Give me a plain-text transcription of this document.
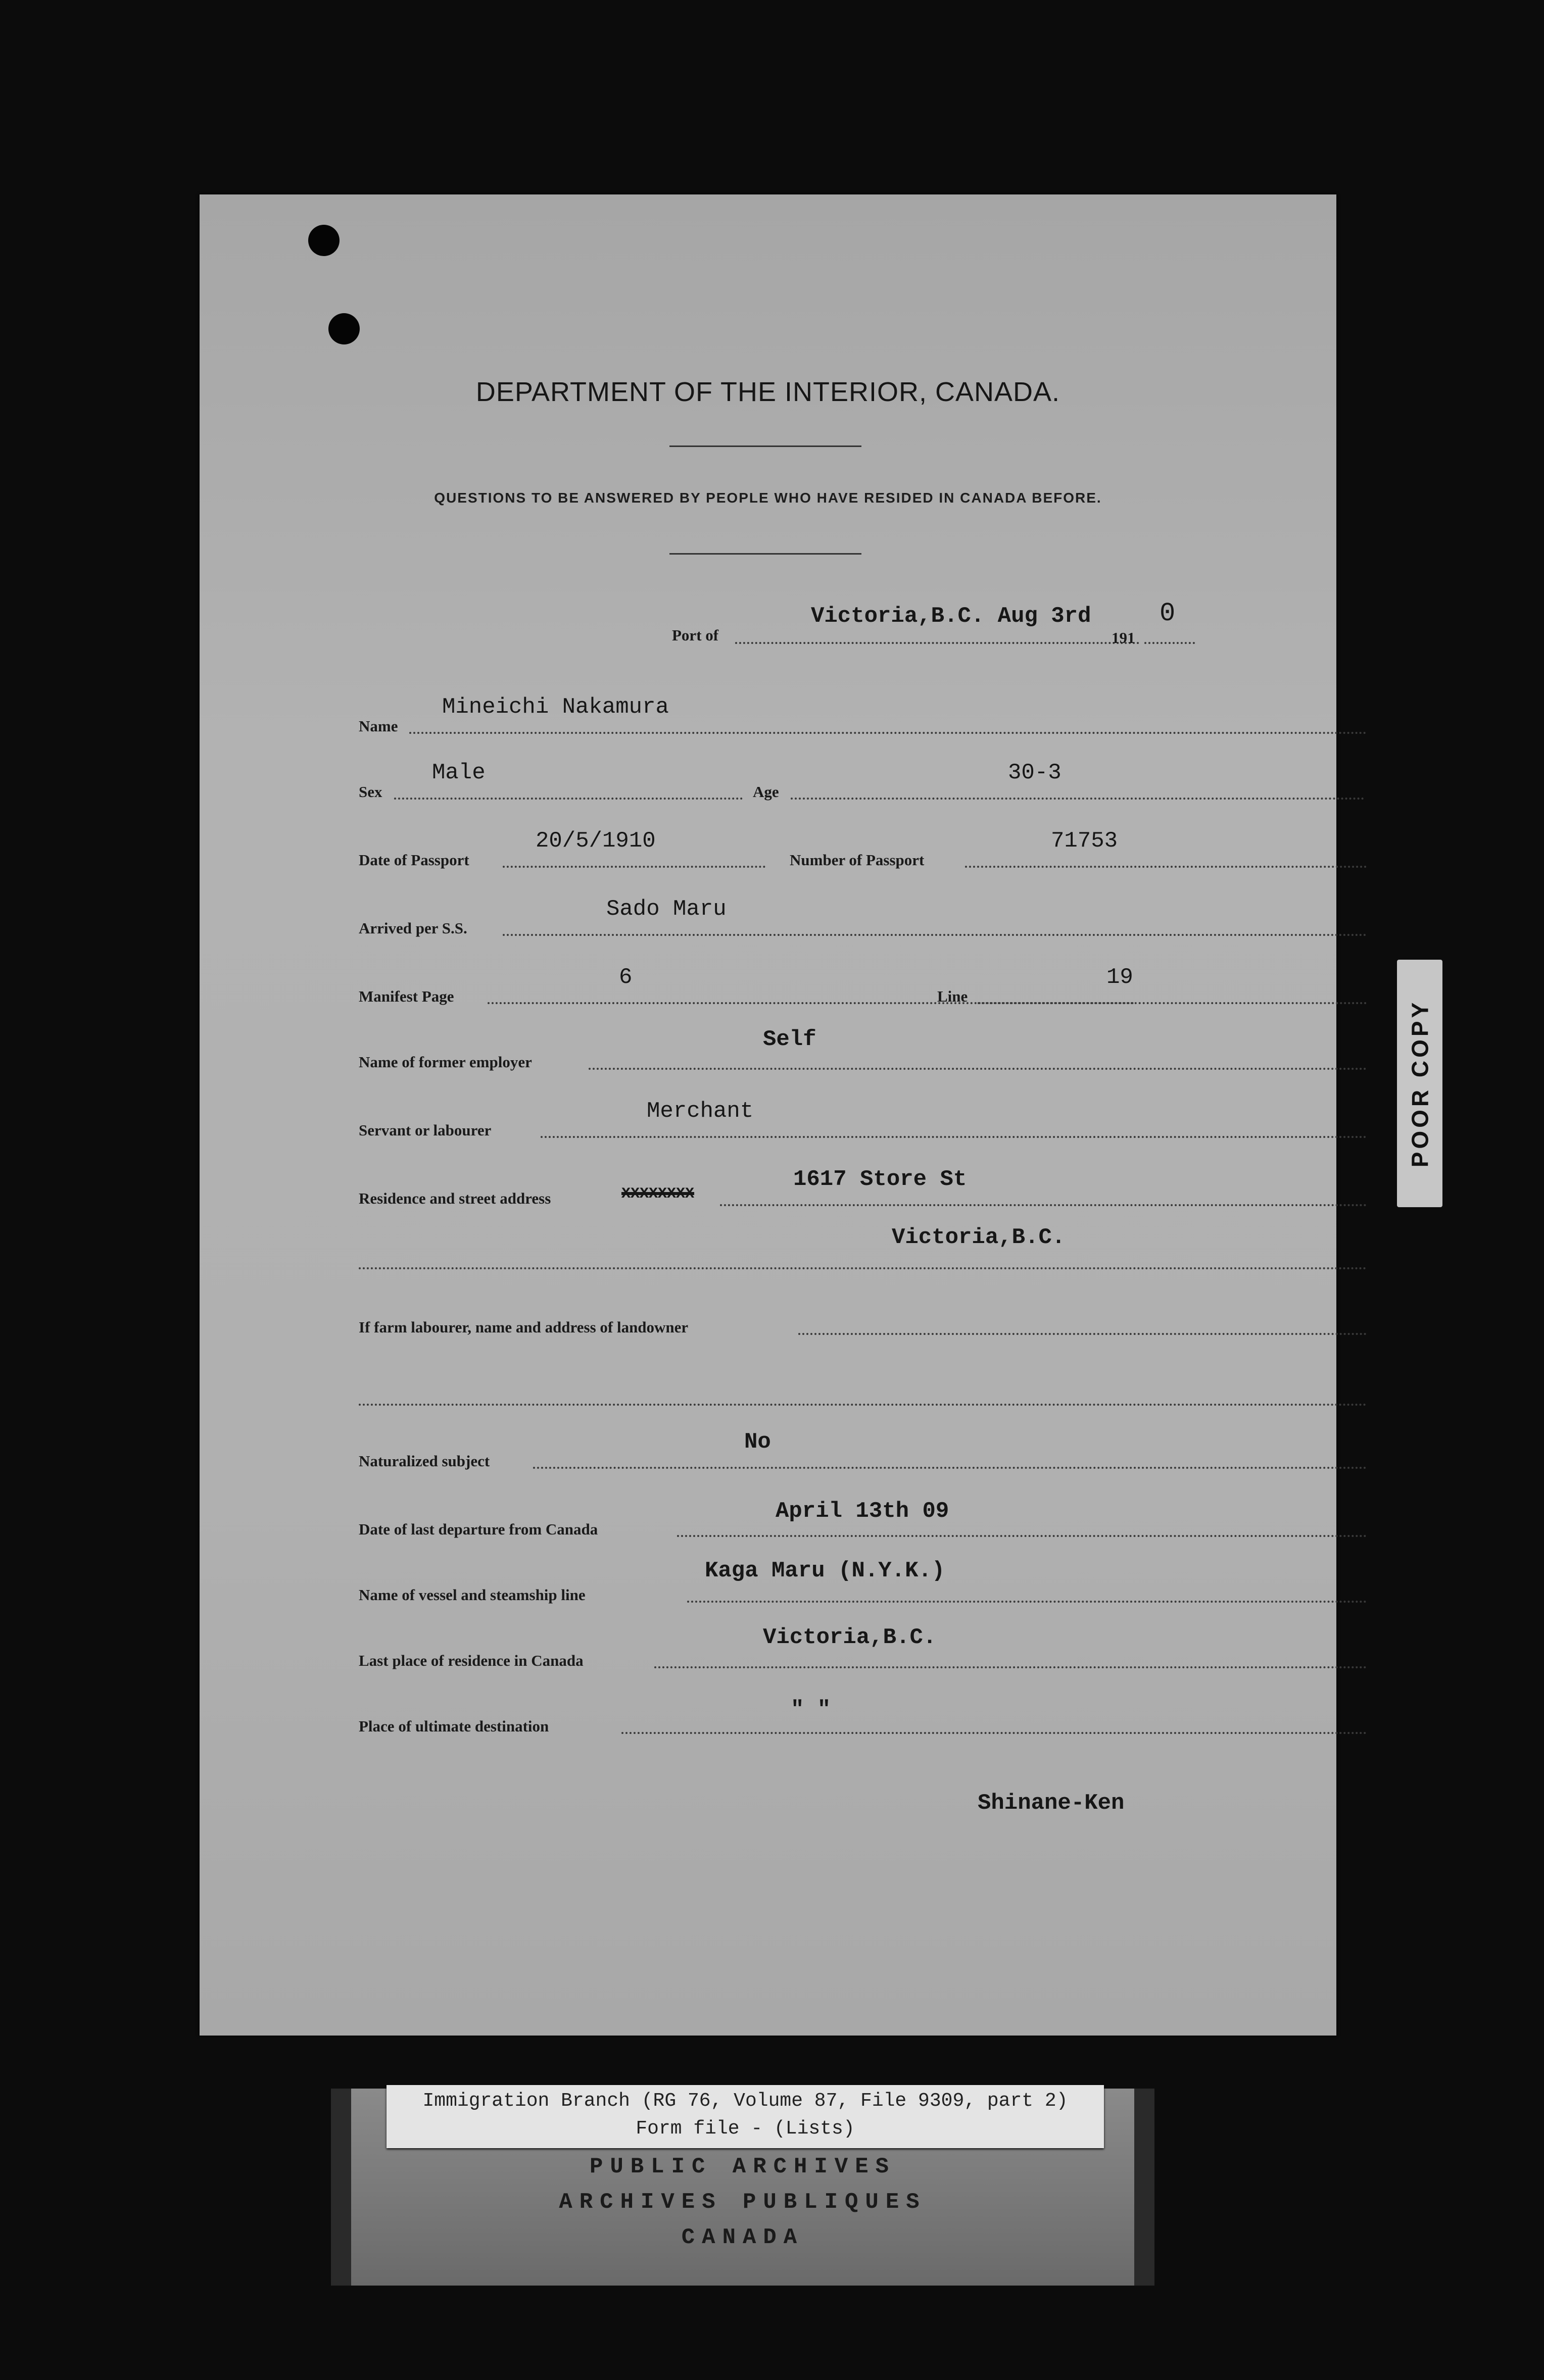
DEPARTMENT OF THE INTERIOR, CANADA.
QUESTIONS TO BE ANSWERED BY PEOPLE WHO HAVE RESIDED IN CANADA BEFORE.
Port of
Victoria,B.C. Aug 3rd
191
0
Name
Mineichi Nakamura
Sex
Male
Age
30-3
Date of Passport
20/5/1910
Number of Passport
71753
Arrived per S.S.
Sado Maru
Manifest Page
6
Line
19
Name of former employer
Self
Servant or labourer
Merchant
Residence and street address	XXXXXXXX
1617 Store St
Victoria,B.C.
If farm labourer, name and address of landowner
Naturalized subject
No
Date of last departure from Canada
April 13th 09
Name of vessel and steamship line
Kaga Maru (N.Y.K.)
Last place of residence in Canada
Victoria,B.C.
Place of ultimate destination
" "
Shinane-Ken
POOR COPY
PUBLIC ARCHIVES
ARCHIVES PUBLIQUES
CANADA
Immigration Branch (RG 76, Volume 87, File 9309, part 2)
Form file - (Lists)
